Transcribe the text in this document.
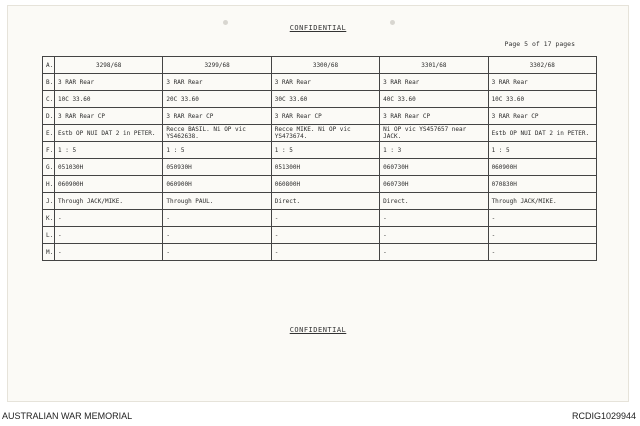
CONFIDENTIAL
Page 5 of 17 pages
A.	3298/68	3299/68	3300/68	3301/68	3302/68
B.	3 RAR Rear	3 RAR Rear	3 RAR Rear	3 RAR Rear	3 RAR Rear
C.	10C 33.60	20C 33.60	30C 33.60	40C 33.60	10C 33.60
D.	3 RAR Rear CP	3 RAR Rear CP	3 RAR Rear CP	3 RAR Rear CP	3 RAR Rear CP
E.	Estb OP NUI DAT 2 in PETER.	Recce BASIL. Ni OP vic YS462638.	Recce MIKE. Ni OP vic YS473674.	Ni OP vic YS457657 near JACK.	Estb OP NUI DAT 2 in PETER.
F.	1 : 5	1 : 5	1 : 5	1 : 3	1 : 5
G.	051030H	050930H	051300H	060730H	060900H
H.	060900H	060900H	060800H	060730H	070830H
J.	Through JACK/MIKE.	Through PAUL.	Direct.	Direct.	Through JACK/MIKE.
K.	-	-	-	-	-
L.	-	-	-	-	-
M.	-	-	-	-	-
CONFIDENTIAL
AUSTRALIAN WAR MEMORIAL	RCDIG1029944
